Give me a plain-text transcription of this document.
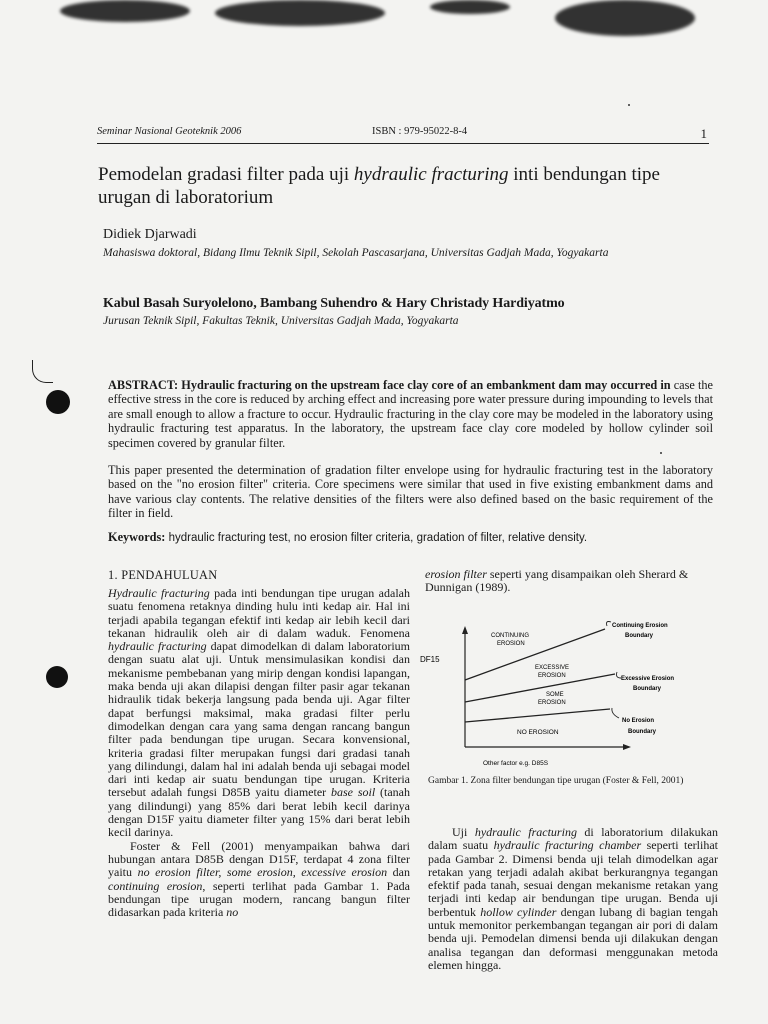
Seminar Nasional Geoteknik 2006	ISBN : 979-95022-8-4	1
Pemodelan gradasi filter pada uji hydraulic fracturing inti bendungan tipe urugan di laboratorium
Didiek Djarwadi
Mahasiswa doktoral, Bidang Ilmu Teknik Sipil, Sekolah Pascasarjana, Universitas Gadjah Mada, Yogyakarta
Kabul Basah Suryolelono, Bambang Suhendro & Hary Christady Hardiyatmo
Jurusan Teknik Sipil, Fakultas Teknik, Universitas Gadjah Mada, Yogyakarta
ABSTRACT: Hydraulic fracturing on the upstream face clay core of an embankment dam may occurred in case the effective stress in the core is reduced by arching effect and increasing pore water pressure during impounding to levels that are small enough to allow a fracture to occur. Hydraulic fracturing in the clay core may be modeled in the laboratory using hydraulic fracturing test apparatus. In the laboratory, the upstream face clay core modeled by hollow cylinder soil specimen covered by granular filter.
This paper presented the determination of gradation filter envelope using for hydraulic fracturing test in the laboratory based on the "no erosion filter" criteria. Core specimens were similar that used in five existing embankment dams and have various clay contents. The relative densities of the filters were also defined based on the basic requirement of the filter in field.
Keywords: hydraulic fracturing test, no erosion filter criteria, gradation of filter, relative density.
1. PENDAHULUAN

Hydraulic fracturing pada inti bendungan tipe urugan adalah suatu fenomena retaknya dinding hulu inti kedap air. Hal ini terjadi apabila tegangan efektif inti kedap air lebih kecil dari tekanan hidraulik oleh air di dalam waduk. Fenomena hydraulic fracturing dapat dimodelkan di dalam laboratorium dengan suatu alat uji. Untuk mensimulasikan kondisi dan mekanisme pembebanan yang mirip dengan kondisi lapangan, maka benda uji akan dilapisi dengan filter pasir agar tekanan hidraulik tidak bekerja langsung pada benda uji. Agar filter dapat berfungsi maksimal, maka gradasi filter perlu dimodelkan dengan cara yang sama dengan rancang bangun filter pada bendungan tipe urugan. Secara konvensional, kriteria gradasi filter merupakan fungsi dari gradasi tanah yang dilindungi, dalam hal ini adalah benda uji sebagai model dari inti kedap air suatu bendungan tipe urugan. Kriteria tersebut adalah fungsi D85B yaitu diameter base soil (tanah yang dilindungi) yang 85% dari berat lebih kecil darinya dengan D15F yaitu diameter filter yang 15% dari berat lebih kecil darinya.

Foster & Fell (2001) menyampaikan bahwa dari hubungan antara D85B dengan D15F, terdapat 4 zona filter yaitu no erosion filter, some erosion, excessive erosion dan continuing erosion, seperti terlihat pada Gambar 1. Pada bendungan tipe urugan modern, rancang bangun filter didasarkan pada kriteria no

erosion filter seperti yang disampaikan oleh Sherard & Dunnigan (1989).
DF15
Other factor e.g. D85S
CONTINUING
EROSION
EXCESSIVE
EROSION
SOME
EROSION
NO EROSION
Continuing Erosion
Boundary
Excessive Erosion
Boundary
No Erosion
Boundary
Gambar 1. Zona filter bendungan tipe urugan (Foster & Fell, 2001)
Uji hydraulic fracturing di laboratorium dilakukan dalam suatu hydraulic fracturing chamber seperti terlihat pada Gambar 2. Dimensi benda uji telah dimodelkan agar retakan yang terjadi adalah akibat berkurangnya tegangan efektif pada tanah, sesuai dengan mekanisme retakan yang terjadi inti kedap air bendungan tipe urugan. Benda uji berbentuk hollow cylinder dengan lubang di bagian tengah untuk memonitor perkembangan tegangan air pori di dalam benda uji. Pemodelan dimensi benda uji dilakukan dengan analisa tegangan dan deformasi menggunakan metoda elemen hingga.
